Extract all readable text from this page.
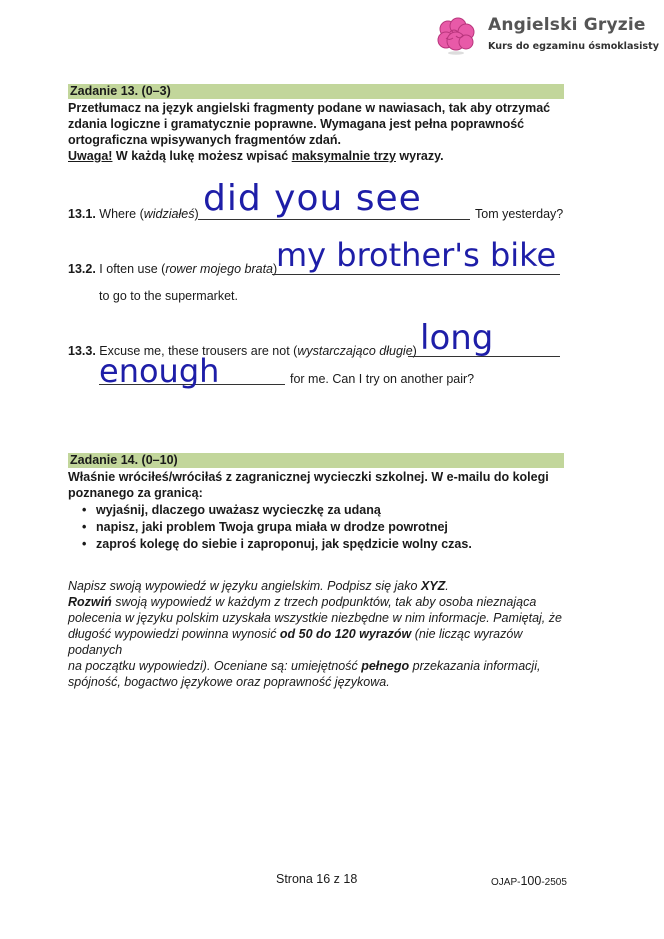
Angielski Gryzie
Kurs do egzaminu ósmoklasisty
Zadanie 13. (0–3)
Przetłumacz na język angielski fragmenty podane w nawiasach, tak aby otrzymać
zdania logiczne i gramatycznie poprawne. Wymagana jest pełna poprawność
ortograficzna wpisywanych fragmentów zdań.
Uwaga! W każdą lukę możesz wpisać maksymalnie trzy wyrazy.
13.1. Where (widziałeś) did you see	Tom yesterday?
13.2. I often use (rower mojego brata)
my brother's bike
to go to the supermarket.
13.3. Excuse me, these trousers are not (wystarczająco długie) long
enough	for me. Can I try on another pair?
Zadanie 14. (0–10)
Właśnie wróciłeś/wróciłaś z zagranicznej wycieczki szkolnej. W e-mailu do kolegi
poznanego za granicą:
• wyjaśnij, dlaczego uważasz wycieczkę za udaną
• napisz, jaki problem Twoja grupa miała w drodze powrotnej
• zaproś kolegę do siebie i zaproponuj, jak spędzicie wolny czas.
Napisz swoją wypowiedź w języku angielskim. Podpisz się jako XYZ.
Rozwiń swoją wypowiedź w każdym z trzech podpunktów, tak aby osoba nieznająca
polecenia w języku polskim uzyskała wszystkie niezbędne w nim informacje. Pamiętaj, że
długość wypowiedzi powinna wynosić od 50 do 120 wyrazów (nie licząc wyrazów podanych
na początku wypowiedzi). Oceniane są: umiejętność pełnego przekazania informacji,
spójność, bogactwo językowe oraz poprawność językowa.
Strona 16 z 18	OJAP-100-2505
